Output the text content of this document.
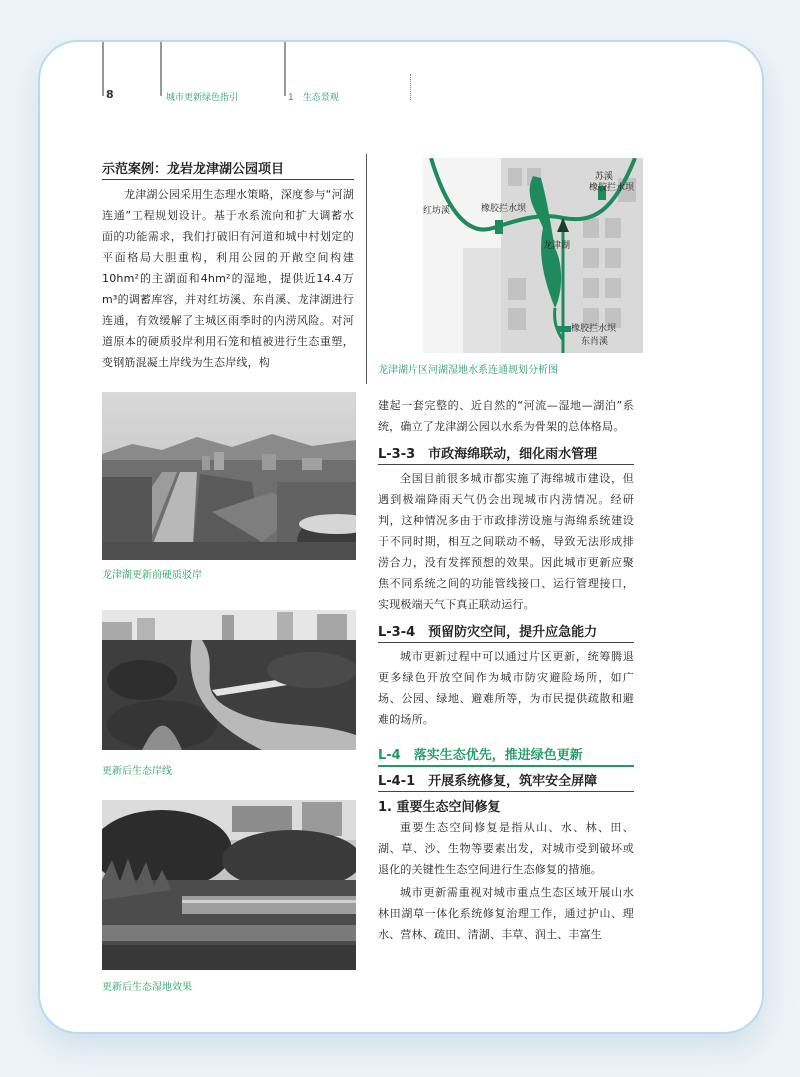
8	城市更新绿色指引	1　生态景观
示范案例：龙岩龙津湖公园项目

龙津湖公园采用生态理水策略，深度参与“河湖连通”工程规划设计。基于水系流向和扩大调蓄水面的功能需求，我们打破旧有河道和城中村划定的平面格局大胆重构，利用公园的开敞空间构建10hm²的主湖面和4hm²的湿地，提供近14.4万m³的调蓄库容，并对红坊溪、东肖溪、龙津湖进行连通，有效缓解了主城区雨季时的内涝风险。对河道原本的硬质驳岸利用石笼和植被进行生态重塑，变钢筋混凝土岸线为生态岸线，构

龙津湖更新前硬质驳岸
更新后生态岸线
更新后生态湿地效果
苏溪
橡胶拦水坝
红坊溪	橡胶拦水坝
龙津湖
橡胶拦水坝
东肖溪
龙津湖片区河湖湿地水系连通规划分析图

建起一套完整的、近自然的“河流—湿地—湖泊”系统，确立了龙津湖公园以水系为骨架的总体格局。

L-3-3　市政海绵联动，细化雨水管理

全国目前很多城市都实施了海绵城市建设，但遇到极端降雨天气仍会出现城市内涝情况。经研判，这种情况多由于市政排涝设施与海绵系统建设于不同时期，相互之间联动不畅，导致无法形成排涝合力，没有发挥预想的效果。因此城市更新应聚焦不同系统之间的功能管线接口、运行管理接口，实现极端天气下真正联动运行。

L-3-4　预留防灾空间，提升应急能力

城市更新过程中可以通过片区更新，统筹腾退更多绿色开放空间作为城市防灾避险场所，如广场、公园、绿地、避难所等，为市民提供疏散和避难的场所。

L-4　落实生态优先，推进绿色更新
L-4-1　开展系统修复，筑牢安全屏障
1. 重要生态空间修复

重要生态空间修复是指从山、水、林、田、湖、草、沙、生物等要素出发，对城市受到破坏或退化的关键性生态空间进行生态修复的措施。

城市更新需重视对城市重点生态区域开展山水林田湖草一体化系统修复治理工作，通过护山、理水、营林、疏田、清湖、丰草、润土、丰富生
